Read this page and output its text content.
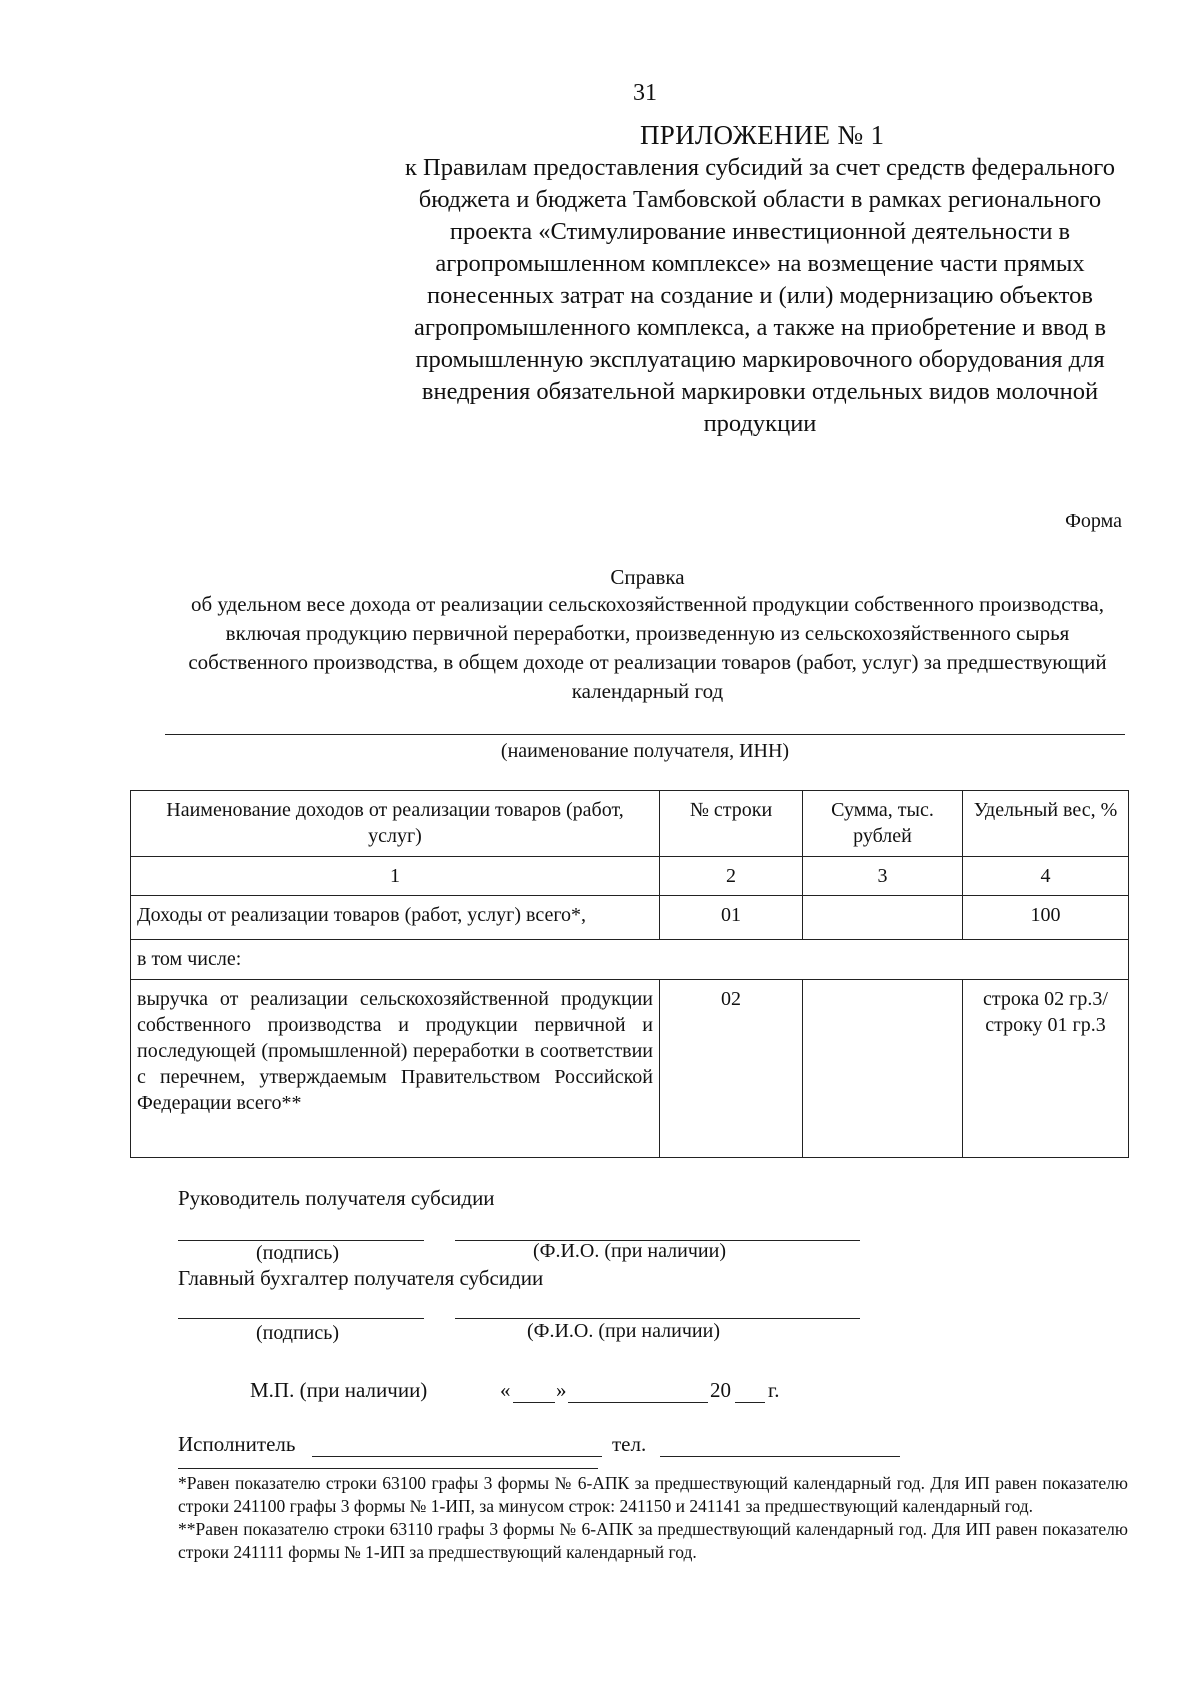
31
ПРИЛОЖЕНИЕ № 1
к Правилам предоставления субсидий за счет средств федерального бюджета и бюджета Тамбовской области в рамках регионального проекта «Стимулирование инвестиционной деятельности в агропромышленном комплексе» на возмещение части прямых понесенных затрат на создание и (или) модернизацию объектов агропромышленного комплекса, а также на приобретение и ввод в промышленную эксплуатацию маркировочного оборудования для внедрения обязательной маркировки отдельных видов молочной продукции
Форма
Справка
об удельном весе дохода от реализации сельскохозяйственной продукции собственного производства, включая продукцию первичной переработки, произведенную из сельскохозяйственного сырья собственного производства, в общем доходе от реализации товаров (работ, услуг) за предшествующий календарный год
(наименование получателя, ИНН)
Наименование доходов от реализации товаров (работ, услуг)	№ строки	Сумма, тыс. рублей	Удельный вес, %
1	2	3	4
Доходы от реализации товаров (работ, услуг) всего*,	01		100
в том числе:			
выручка от реализации сельскохозяйственной продукции собственного производства и продукции первичной и последующей (промышленной) переработки в соответствии с перечнем, утверждаемым Правительством Российской Федерации всего**	02		строка 02 гр.3/ строку 01 гр.3
Руководитель получателя субсидии
(подпись)	(Ф.И.О. (при наличии)
Главный бухгалтер получателя субсидии
(подпись)	(Ф.И.О. (при наличии)
М.П. (при наличии)	« »	20 г.
Исполнитель	тел.

*Равен показателю строки 63100 графы 3 формы № 6-АПК за предшествующий календарный год. Для ИП равен показателю строки 241100 графы 3 формы № 1-ИП, за минусом строк: 241150 и 241141 за предшествующий календарный год.

**Равен показателю строки 63110 графы 3 формы № 6-АПК за предшествующий календарный год. Для ИП равен показателю строки 241111 формы № 1-ИП за предшествующий календарный год.
